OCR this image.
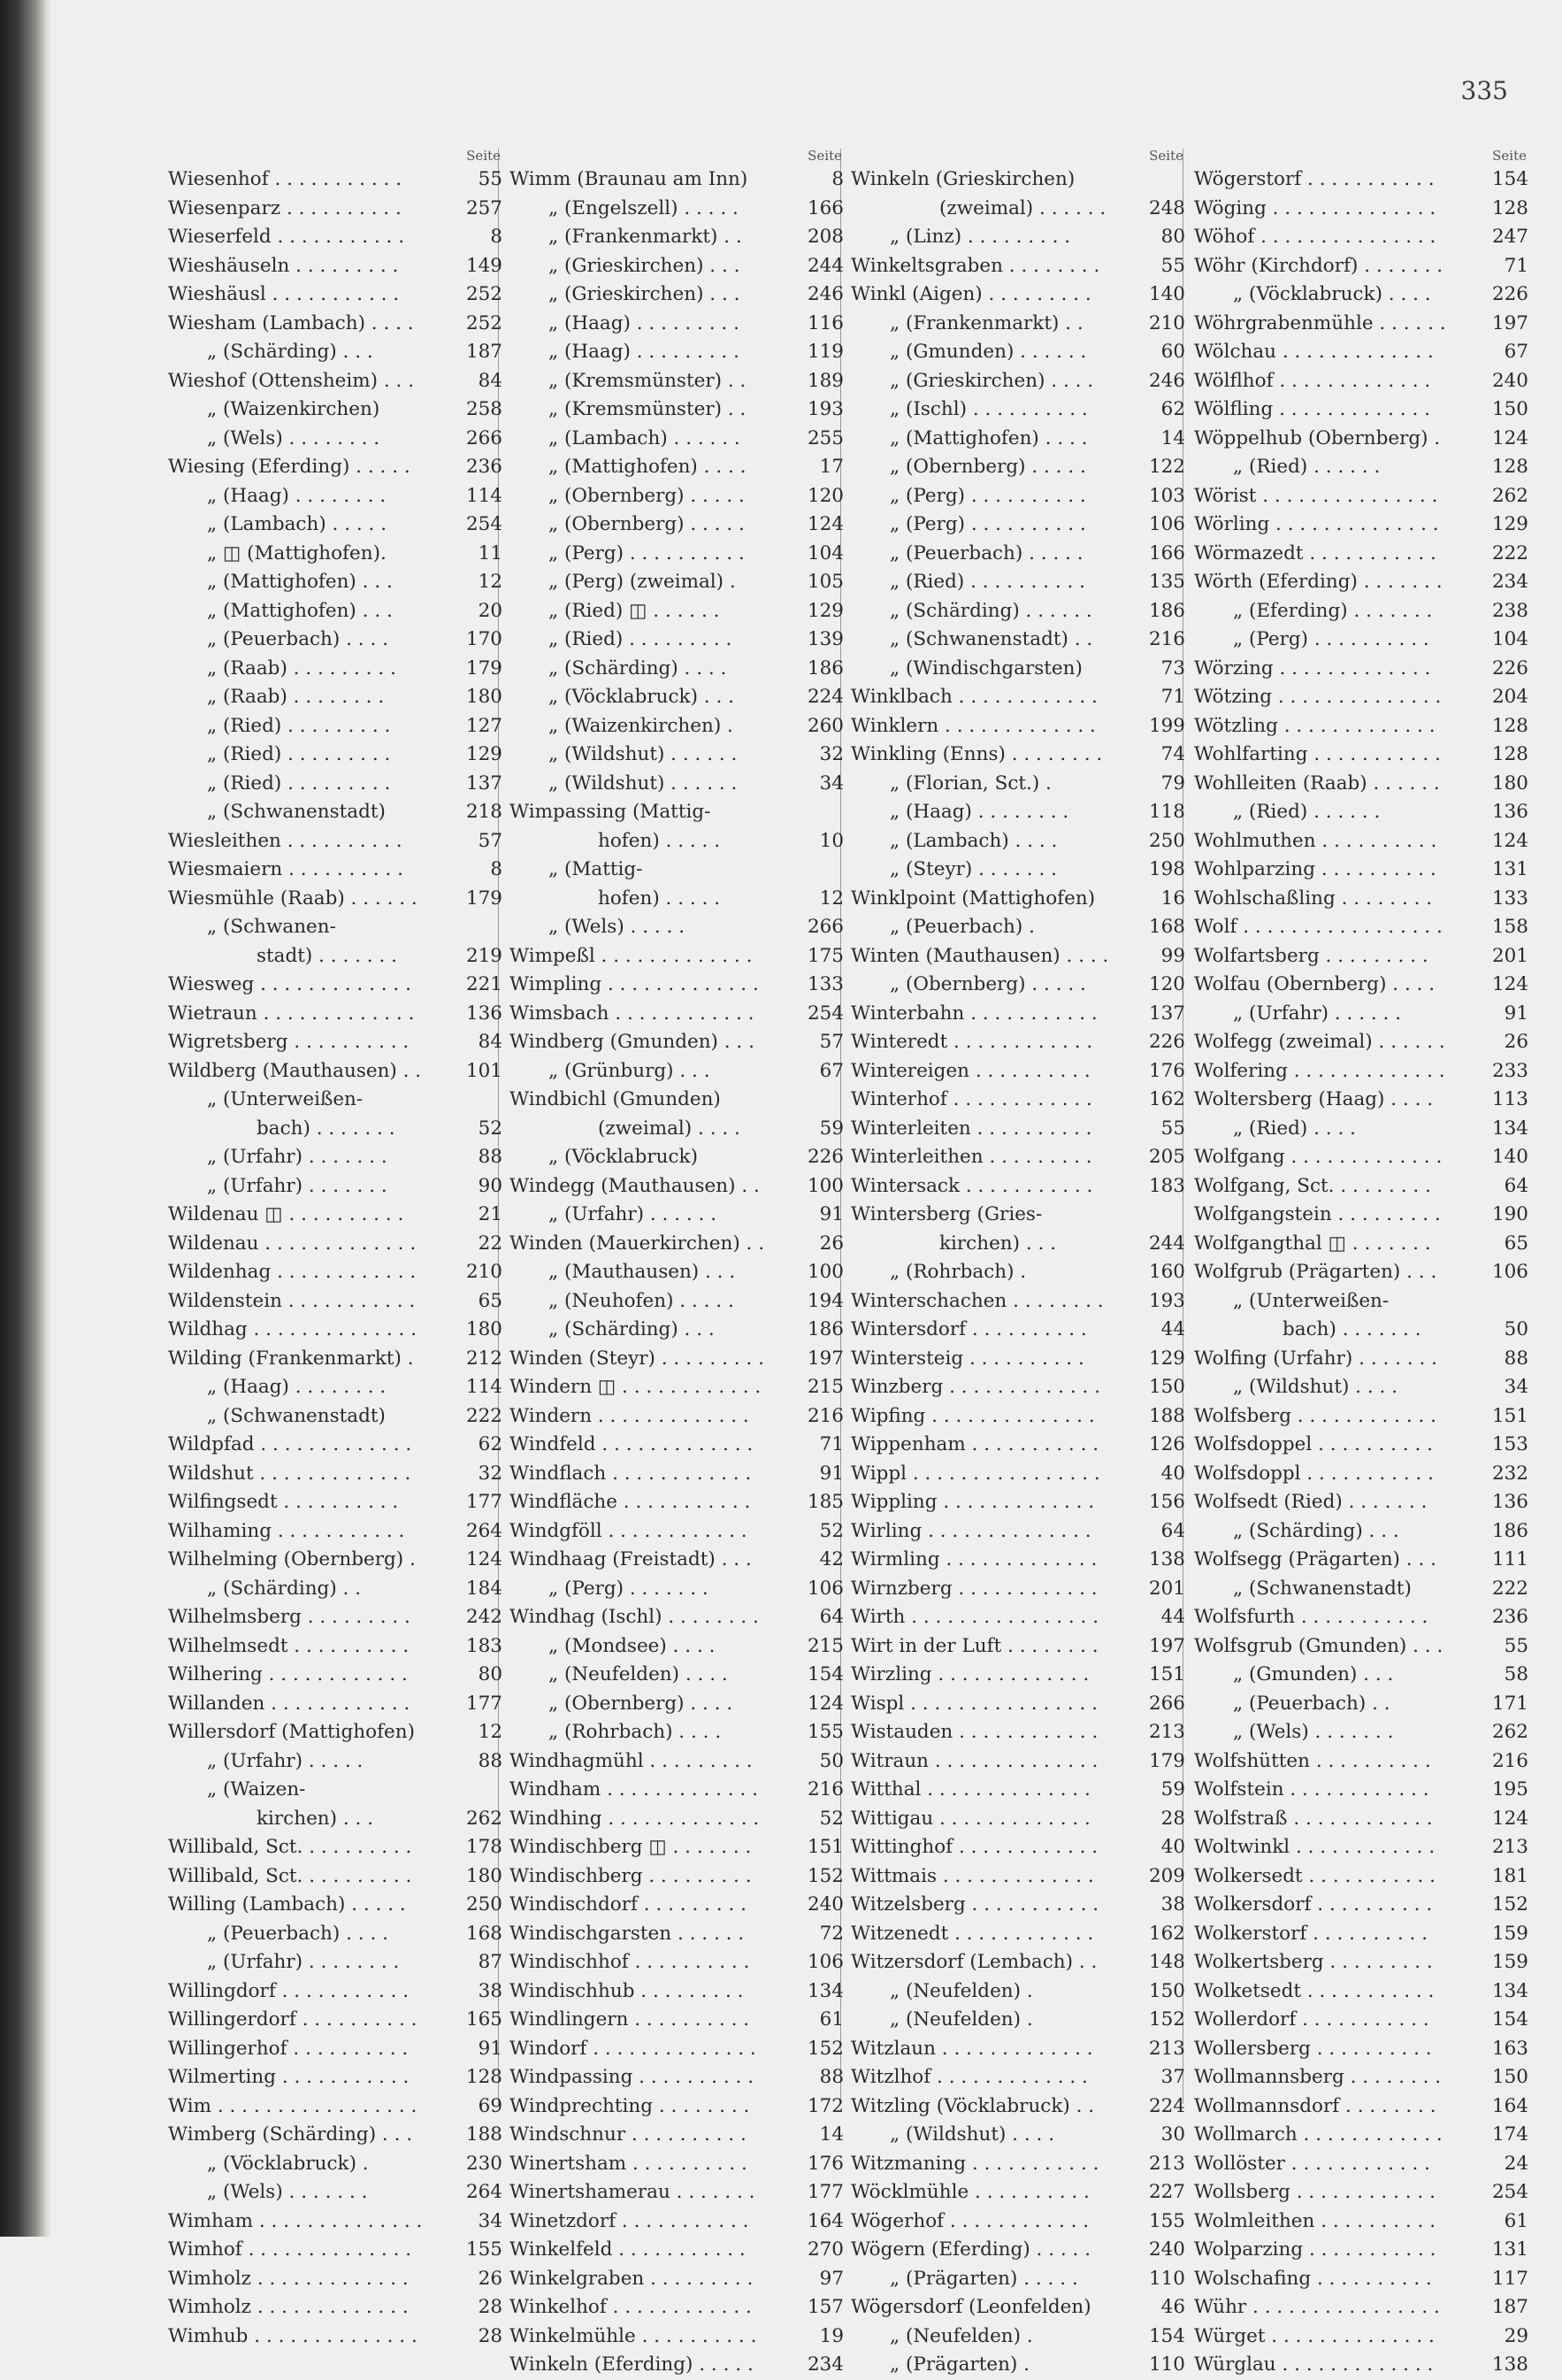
335
Seite
Wiesenhof . . . . . . . . . . .	55
Wiesenparz . . . . . . . . . .	257
Wieserfeld . . . . . . . . . . .	8
Wieshäuseln . . . . . . . . .	149
Wieshäusl . . . . . . . . . . .	252
Wiesham (Lambach) . . . .	252
„ (Schärding) . . .	187
Wieshof (Ottensheim) . . .	84
„ (Waizenkirchen)	258
„ (Wels) . . . . . . . .	266
Wiesing (Eferding) . . . . .	236
„ (Haag) . . . . . . . .	114
„ (Lambach) . . . . .	254
„ ◫ (Mattighofen).	11
„ (Mattighofen) . . .	12
„ (Mattighofen) . . .	20
„ (Peuerbach) . . . .	170
„ (Raab) . . . . . . . . .	179
„ (Raab) . . . . . . . .	180
„ (Ried) . . . . . . . . .	127
„ (Ried) . . . . . . . . .	129
„ (Ried) . . . . . . . . .	137
„ (Schwanenstadt)	218
Wiesleithen . . . . . . . . . .	57
Wiesmaiern . . . . . . . . . .	8
Wiesmühle (Raab) . . . . . .	179
„ (Schwanen-
stadt) . . . . . . .	219
Wiesweg . . . . . . . . . . . . .	221
Wietraun . . . . . . . . . . . . .	136
Wigretsberg . . . . . . . . . .	84
Wildberg (Mauthausen) . .	101
„ (Unterweißen-
bach) . . . . . . .	52
„ (Urfahr) . . . . . . .	88
„ (Urfahr) . . . . . . .	90
Wildenau ◫ . . . . . . . . . .	21
Wildenau . . . . . . . . . . . . .	22
Wildenhag . . . . . . . . . . . .	210
Wildenstein . . . . . . . . . . .	65
Wildhag . . . . . . . . . . . . . .	180
Wilding (Frankenmarkt) .	212
„ (Haag) . . . . . . . .	114
„ (Schwanenstadt)	222
Wildpfad . . . . . . . . . . . . .	62
Wildshut . . . . . . . . . . . . .	32
Wilfingsedt . . . . . . . . . .	177
Wilhaming . . . . . . . . . . .	264
Wilhelming (Obernberg) .	124
„ (Schärding) . .	184
Wilhelmsberg . . . . . . . . .	242
Wilhelmsedt . . . . . . . . . .	183
Wilhering . . . . . . . . . . . .	80
Willanden . . . . . . . . . . . .	177
Willersdorf (Mattighofen)	12
„ (Urfahr) . . . . .	88
„ (Waizen-
kirchen) . . .	262
Willibald, Sct. . . . . . . . . .	178
Willibald, Sct. . . . . . . . . .	180
Willing (Lambach) . . . . .	250
„ (Peuerbach) . . . .	168
„ (Urfahr) . . . . . . . .	87
Willingdorf . . . . . . . . . . .	38
Willingerdorf . . . . . . . . . .	165
Willingerhof . . . . . . . . . .	91
Wilmerting . . . . . . . . . . .	128
Wim . . . . . . . . . . . . . . . . .	69
Wimberg (Schärding) . . .	188
„ (Vöcklabruck) .	230
„ (Wels) . . . . . . .	264
Wimham . . . . . . . . . . . . . .	34
Wimhof . . . . . . . . . . . . . .	155
Wimholz . . . . . . . . . . . . .	26
Wimholz . . . . . . . . . . . . .	28
Wimhub . . . . . . . . . . . . . .	28
Seite
Wimm (Braunau am Inn)	8
„ (Engelszell) . . . . .	166
„ (Frankenmarkt) . .	208
„ (Grieskirchen) . . .	244
„ (Grieskirchen) . . .	246
„ (Haag) . . . . . . . . .	116
„ (Haag) . . . . . . . . .	119
„ (Kremsmünster) . .	189
„ (Kremsmünster) . .	193
„ (Lambach) . . . . . .	255
„ (Mattighofen) . . . .	17
„ (Obernberg) . . . . .	120
„ (Obernberg) . . . . .	124
„ (Perg) . . . . . . . . . .	104
„ (Perg) (zweimal) .	105
„ (Ried) ◫ . . . . . .	129
„ (Ried) . . . . . . . . .	139
„ (Schärding) . . . .	186
„ (Vöcklabruck) . . .	224
„ (Waizenkirchen) .	260
„ (Wildshut) . . . . . .	32
„ (Wildshut) . . . . . .	34
Wimpassing (Mattig-
hofen) . . . . .	10
„ (Mattig-
hofen) . . . . .	12
„ (Wels) . . . . .	266
Wimpeßl . . . . . . . . . . . . .	175
Wimpling . . . . . . . . . . . . .	133
Wimsbach . . . . . . . . . . . .	254
Windberg (Gmunden) . . .	57
„ (Grünburg) . . .	67
Windbichl (Gmunden)
(zweimal) . . . .	59
„ (Vöcklabruck)	226
Windegg (Mauthausen) . .	100
„ (Urfahr) . . . . . .	91
Winden (Mauerkirchen) . .	26
„ (Mauthausen) . . .	100
„ (Neuhofen) . . . . .	194
„ (Schärding) . . .	186
Winden (Steyr) . . . . . . . . .	197
Windern ◫ . . . . . . . . . . . .	215
Windern . . . . . . . . . . . . .	216
Windfeld . . . . . . . . . . . . .	71
Windflach . . . . . . . . . . . .	91
Windfläche . . . . . . . . . . .	185
Windgföll . . . . . . . . . . . .	52
Windhaag (Freistadt) . . .	42
„ (Perg) . . . . . . .	106
Windhag (Ischl) . . . . . . . .	64
„ (Mondsee) . . . .	215
„ (Neufelden) . . . .	154
„ (Obernberg) . . . .	124
„ (Rohrbach) . . . .	155
Windhagmühl . . . . . . . . .	50
Windham . . . . . . . . . . . . .	216
Windhing . . . . . . . . . . . . .	52
Windischberg ◫ . . . . . . .	151
Windischberg . . . . . . . . .	152
Windischdorf . . . . . . . . .	240
Windischgarsten . . . . . .	72
Windischhof . . . . . . . . . .	106
Windischhub . . . . . . . . .	134
Windlingern . . . . . . . . . .	61
Windorf . . . . . . . . . . . . . .	152
Windpassing . . . . . . . . . .	88
Windprechting . . . . . . . .	172
Windschnur . . . . . . . . . .	14
Winertsham . . . . . . . . . .	176
Winertshamerau . . . . . . .	177
Winetzdorf . . . . . . . . . . .	164
Winkelfeld . . . . . . . . . . .	270
Winkelgraben . . . . . . . . .	97
Winkelhof . . . . . . . . . . . .	157
Winkelmühle . . . . . . . . . .	19
Winkeln (Eferding) . . . . .	234
Seite
Winkeln (Grieskirchen)
(zweimal) . . . . . .	248
„ (Linz) . . . . . . . . .	80
Winkeltsgraben . . . . . . . .	55
Winkl (Aigen) . . . . . . . . .	140
„ (Frankenmarkt) . .	210
„ (Gmunden) . . . . . .	60
„ (Grieskirchen) . . . .	246
„ (Ischl) . . . . . . . . . .	62
„ (Mattighofen) . . . .	14
„ (Obernberg) . . . . .	122
„ (Perg) . . . . . . . . . .	103
„ (Perg) . . . . . . . . . .	106
„ (Peuerbach) . . . . .	166
„ (Ried) . . . . . . . . . .	135
„ (Schärding) . . . . . .	186
„ (Schwanenstadt) . .	216
„ (Windischgarsten)	73
Winklbach . . . . . . . . . . . .	71
Winklern . . . . . . . . . . . . .	199
Winkling (Enns) . . . . . . . .	74
„ (Florian, Sct.) .	79
„ (Haag) . . . . . . . .	118
„ (Lambach) . . . .	250
„ (Steyr) . . . . . . .	198
Winklpoint (Mattighofen)	16
„ (Peuerbach) .	168
Winten (Mauthausen) . . . .	99
„ (Obernberg) . . . . .	120
Winterbahn . . . . . . . . . . .	137
Winteredt . . . . . . . . . . . .	226
Wintereigen . . . . . . . . . .	176
Winterhof . . . . . . . . . . . .	162
Winterleiten . . . . . . . . . .	55
Winterleithen . . . . . . . . .	205
Wintersack . . . . . . . . . . .	183
Wintersberg (Gries-
kirchen) . . .	244
„ (Rohrbach) .	160
Winterschachen . . . . . . . .	193
Wintersdorf . . . . . . . . . .	44
Wintersteig . . . . . . . . . .	129
Winzberg . . . . . . . . . . . . .	150
Wipfing . . . . . . . . . . . . . .	188
Wippenham . . . . . . . . . . .	126
Wippl . . . . . . . . . . . . . . . .	40
Wippling . . . . . . . . . . . . .	156
Wirling . . . . . . . . . . . . . .	64
Wirmling . . . . . . . . . . . . .	138
Wirnzberg . . . . . . . . . . . .	201
Wirth . . . . . . . . . . . . . . . .	44
Wirt in der Luft . . . . . . . .	197
Wirzling . . . . . . . . . . . . .	151
Wispl . . . . . . . . . . . . . . . .	266
Wistauden . . . . . . . . . . . .	213
Witraun . . . . . . . . . . . . . .	179
Witthal . . . . . . . . . . . . . .	59
Wittigau . . . . . . . . . . . . .	28
Wittinghof . . . . . . . . . . . .	40
Wittmais . . . . . . . . . . . . .	209
Witzelsberg . . . . . . . . . . .	38
Witzenedt . . . . . . . . . . . .	162
Witzersdorf (Lembach) . .	148
„ (Neufelden) .	150
„ (Neufelden) .	152
Witzlaun . . . . . . . . . . . . .	213
Witzlhof . . . . . . . . . . . . .	37
Witzling (Vöcklabruck) . .	224
„ (Wildshut) . . . .	30
Witzmaning . . . . . . . . . . .	213
Wöcklmühle . . . . . . . . . .	227
Wögerhof . . . . . . . . . . . .	155
Wögern (Eferding) . . . . .	240
„ (Prägarten) . . . . .	110
Wögersdorf (Leonfelden)	46
„ (Neufelden) .	154
„ (Prägarten) .	110
Seite
Wögerstorf . . . . . . . . . . .	154
Wöging . . . . . . . . . . . . . .	128
Wöhof . . . . . . . . . . . . . . .	247
Wöhr (Kirchdorf) . . . . . . .	71
„ (Vöcklabruck) . . . .	226
Wöhrgrabenmühle . . . . . .	197
Wölchau . . . . . . . . . . . . .	67
Wölflhof . . . . . . . . . . . . .	240
Wölfling . . . . . . . . . . . . .	150
Wöppelhub (Obernberg) .	124
„ (Ried) . . . . . .	128
Wörist . . . . . . . . . . . . . . .	262
Wörling . . . . . . . . . . . . . .	129
Wörmazedt . . . . . . . . . . .	222
Wörth (Eferding) . . . . . . .	234
„ (Eferding) . . . . . . .	238
„ (Perg) . . . . . . . . . .	104
Wörzing . . . . . . . . . . . . .	226
Wötzing . . . . . . . . . . . . . .	204
Wötzling . . . . . . . . . . . . .	128
Wohlfarting . . . . . . . . . . .	128
Wohlleiten (Raab) . . . . . .	180
„ (Ried) . . . . . .	136
Wohlmuthen . . . . . . . . . .	124
Wohlparzing . . . . . . . . . .	131
Wohlschaßling . . . . . . . .	133
Wolf . . . . . . . . . . . . . . . . .	158
Wolfartsberg . . . . . . . . .	201
Wolfau (Obernberg) . . . .	124
„ (Urfahr) . . . . . .	91
Wolfegg (zweimal) . . . . . .	26
Wolfering . . . . . . . . . . . . .	233
Woltersberg (Haag) . . . .	113
„ (Ried) . . . .	134
Wolfgang . . . . . . . . . . . . .	140
Wolfgang, Sct. . . . . . . . .	64
Wolfgangstein . . . . . . . . .	190
Wolfgangthal ◫ . . . . . . .	65
Wolfgrub (Prägarten) . . .	106
„ (Unterweißen-
bach) . . . . . . .	50
Wolfing (Urfahr) . . . . . . .	88
„ (Wildshut) . . . .	34
Wolfsberg . . . . . . . . . . . .	151
Wolfsdoppel . . . . . . . . . .	153
Wolfsdoppl . . . . . . . . . . .	232
Wolfsedt (Ried) . . . . . . .	136
„ (Schärding) . . .	186
Wolfsegg (Prägarten) . . .	111
„ (Schwanenstadt)	222
Wolfsfurth . . . . . . . . . . .	236
Wolfsgrub (Gmunden) . . .	55
„ (Gmunden) . . .	58
„ (Peuerbach) . .	171
„ (Wels) . . . . . . .	262
Wolfshütten . . . . . . . . . .	216
Wolfstein . . . . . . . . . . . .	195
Wolfstraß . . . . . . . . . . . .	124
Woltwinkl . . . . . . . . . . . .	213
Wolkersedt . . . . . . . . . . .	181
Wolkersdorf . . . . . . . . . .	152
Wolkerstorf . . . . . . . . . .	159
Wolkertsberg . . . . . . . . .	159
Wolketsedt . . . . . . . . . . .	134
Wollerdorf . . . . . . . . . . .	154
Wollersberg . . . . . . . . . .	163
Wollmannsberg . . . . . . . .	150
Wollmannsdorf . . . . . . . .	164
Wollmarch . . . . . . . . . . . .	174
Wollöster . . . . . . . . . . . .	24
Wollsberg . . . . . . . . . . . .	254
Wolmleithen . . . . . . . . . .	61
Wolparzing . . . . . . . . . . .	131
Wolschafing . . . . . . . . . .	117
Wühr . . . . . . . . . . . . . . . .	187
Würget . . . . . . . . . . . . . .	29
Würglau . . . . . . . . . . . . .	138
